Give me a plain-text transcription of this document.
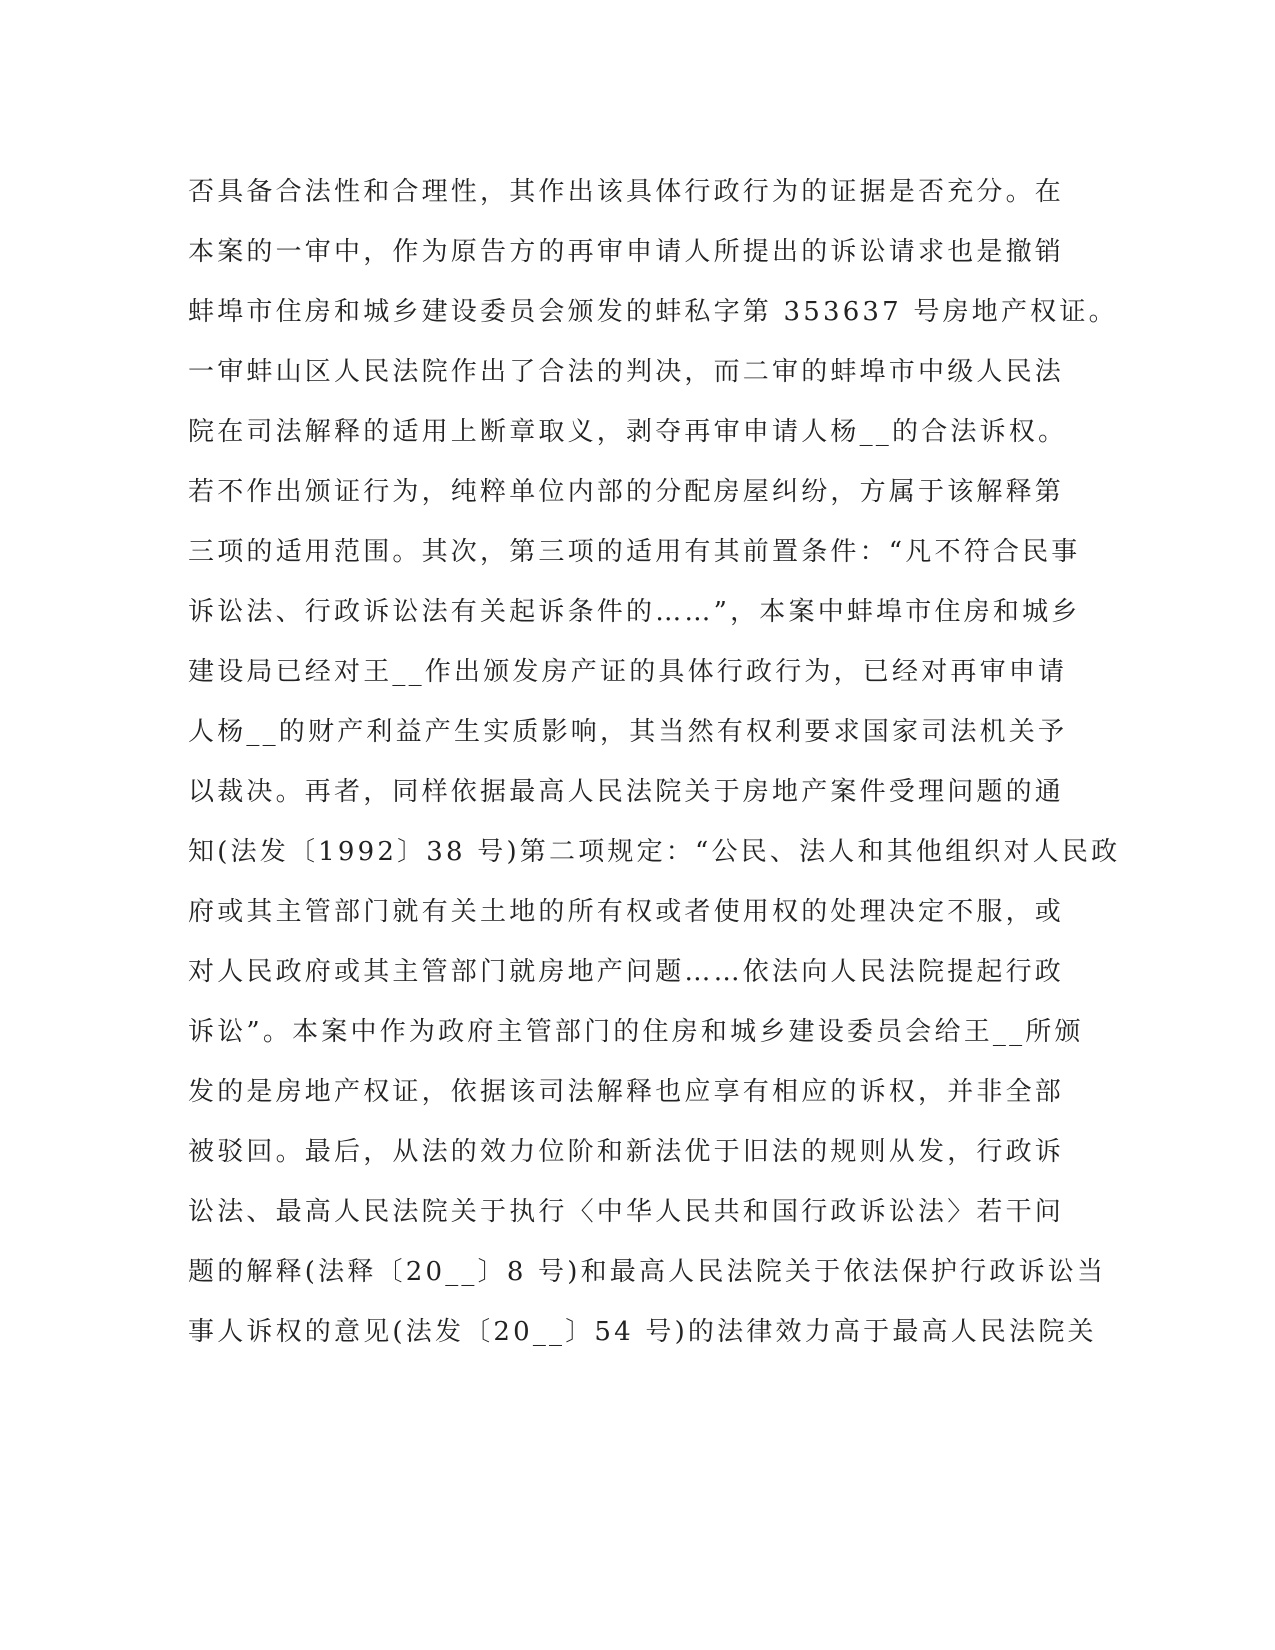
否具备合法性和合理性，其作出该具体行政行为的证据是否充分。在
本案的一审中，作为原告方的再审申请人所提出的诉讼请求也是撤销
蚌埠市住房和城乡建设委员会颁发的蚌私字第 353637 号房地产权证。
一审蚌山区人民法院作出了合法的判决，而二审的蚌埠市中级人民法
院在司法解释的适用上断章取义，剥夺再审申请人杨__的合法诉权。
若不作出颁证行为，纯粹单位内部的分配房屋纠纷，方属于该解释第
三项的适用范围。其次，第三项的适用有其前置条件：“凡不符合民事
诉讼法、行政诉讼法有关起诉条件的……”，本案中蚌埠市住房和城乡
建设局已经对王__作出颁发房产证的具体行政行为，已经对再审申请
人杨__的财产利益产生实质影响，其当然有权利要求国家司法机关予
以裁决。再者，同样依据最高人民法院关于房地产案件受理问题的通
知(法发〔1992〕38 号)第二项规定：“公民、法人和其他组织对人民政
府或其主管部门就有关土地的所有权或者使用权的处理决定不服，或
对人民政府或其主管部门就房地产问题……依法向人民法院提起行政
诉讼”。本案中作为政府主管部门的住房和城乡建设委员会给王__所颁
发的是房地产权证，依据该司法解释也应享有相应的诉权，并非全部
被驳回。最后，从法的效力位阶和新法优于旧法的规则从发，行政诉
讼法、最高人民法院关于执行〈中华人民共和国行政诉讼法〉若干问
题的解释(法释〔20__〕8 号)和最高人民法院关于依法保护行政诉讼当
事人诉权的意见(法发〔20__〕54 号)的法律效力高于最高人民法院关
